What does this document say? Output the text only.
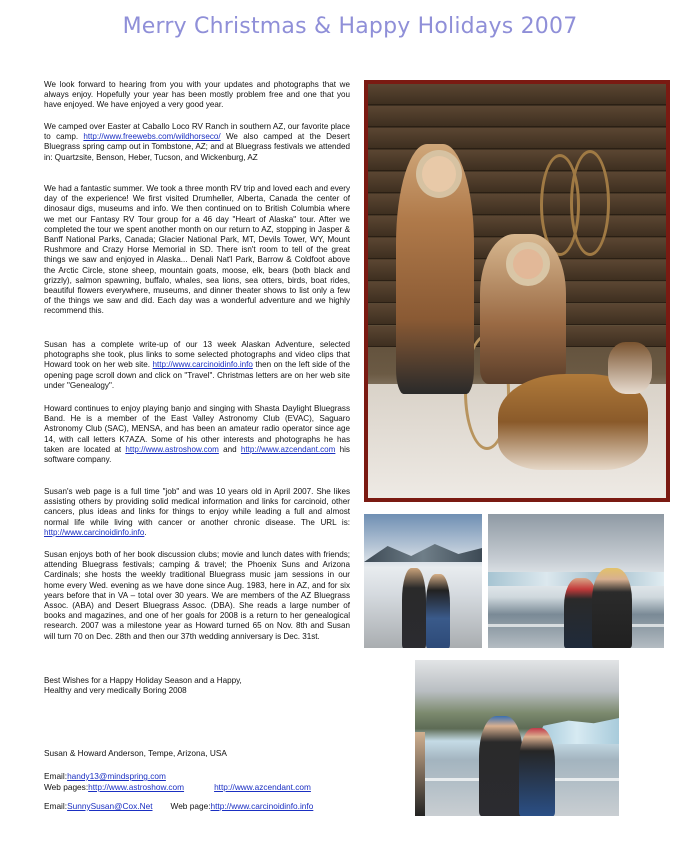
Merry Christmas & Happy Holidays 2007

We look forward to hearing from you with your updates and photographs that we always enjoy. Hopefully your year has been mostly problem free and one that you have enjoyed. We have enjoyed a very good year.

We camped over Easter at Caballo Loco RV Ranch in southern AZ, our favorite place to camp. http://www.freewebs.com/wildhorseco/ We also camped at the Desert Bluegrass spring camp out in Tombstone, AZ; and at Bluegrass festivals we attended in: Quartzsite, Benson, Heber, Tucson, and Wickenburg, AZ

We had a fantastic summer. We took a three month RV trip and loved each and every day of the experience! We first visited Drumheller, Alberta, Canada the center of dinosaur digs, museums and info. We then continued on to British Columbia where we met our Fantasy RV Tour group for a 46 day "Heart of Alaska" tour. After we completed the tour we spent another month on our return to AZ, stopping in Jasper & Banff National Parks, Canada; Glacier National Park, MT, Devils Tower, WY, Mount Rushmore and Crazy Horse Memorial in SD. There isn't room to tell of the great things we saw and enjoyed in Alaska... Denali Nat'l Park, Barrow & Coldfoot above the Arctic Circle, stone sheep, mountain goats, moose, elk, bears (both black and grizzly), salmon spawning, buffalo, whales, sea lions, sea otters, birds, boat rides, beautiful flowers everywhere, museums, and dinner theater shows to list only a few of the things we saw and did. Each day was a wonderful adventure and we highly recommend this.

Susan has a complete write-up of our 13 week Alaskan Adventure, selected photographs she took, plus links to some selected photographs and video clips that Howard took on her web site. http://www.carcinoidinfo.info then on the left side of the opening page scroll down and click on "Travel". Christmas letters are on her web site under "Genealogy".

Howard continues to enjoy playing banjo and singing with Shasta Daylight Bluegrass Band. He is a member of the East Valley Astronomy Club (EVAC), Saguaro Astronomy Club (SAC), MENSA, and has been an amateur radio operator since age 14, with call letters K7AZA. Some of his other interests and photographs he has taken are located at http://www.astroshow.com and http://www.azcendant.com his software company.

Susan's web page is a full time "job" and was 10 years old in April 2007. She likes assisting others by providing solid medical information and links for carcinoid, other cancers, plus ideas and links for things to enjoy while leading a full and almost normal life while living with cancer or another chronic disease. The URL is: http://www.carcinoidinfo.info.

Susan enjoys both of her book discussion clubs; movie and lunch dates with friends; attending Bluegrass festivals; camping & travel; the Phoenix Suns and Arizona Cardinals; she hosts the weekly traditional Bluegrass music jam sessions in our home every Wed. evening as we have done since Aug. 1983, here in AZ, and for six years before that in VA – total over 30 years. We are members of the AZ Bluegrass Assoc. (ABA) and Desert Bluegrass Assoc. (DBA). She reads a large number of books and magazines, and one of her goals for 2008 is a return to her genealogical research. 2007 was a milestone year as Howard turned 65 on Nov. 8th and Susan will turn 70 on Dec. 28th and then our 37th wedding anniversary is Dec. 31st.

Best Wishes for a Happy Holiday Season and a Happy, Healthy and very medically Boring 2008

Susan & Howard Anderson, Tempe, Arizona, USA
Email:handy13@mindspring.com
Web pages:http://www.astroshow.com	http://www.azcendant.com
Email:SunnySusan@Cox.Net Web page:http://www.carcinoidinfo.info
